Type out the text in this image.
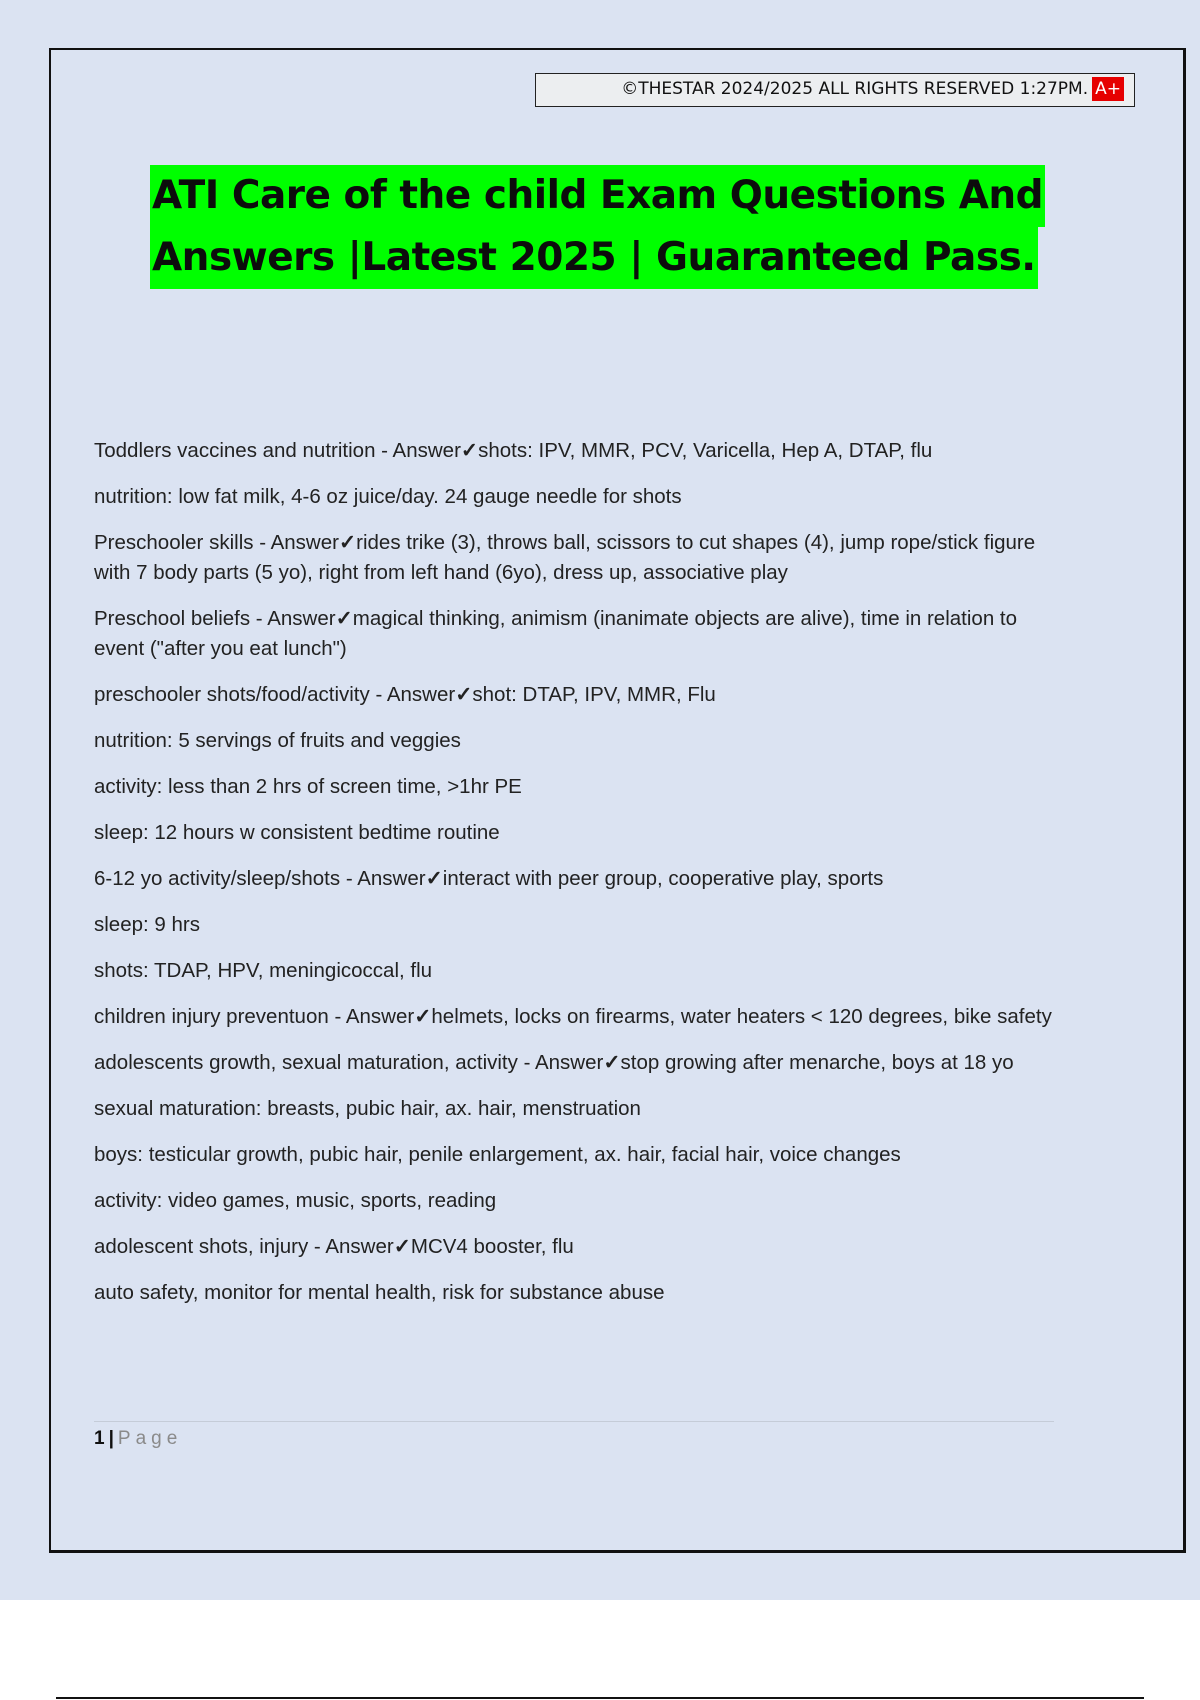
©THESTAR 2024/2025 ALL RIGHTS RESERVED 1:27PM. A+
ATI Care of the child Exam Questions And
Answers |Latest 2025 | Guaranteed Pass.
Toddlers vaccines and nutrition - Answer✓shots: IPV, MMR, PCV, Varicella, Hep A, DTAP, flu
nutrition: low fat milk, 4-6 oz juice/day. 24 gauge needle for shots
Preschooler skills - Answer✓rides trike (3), throws ball, scissors to cut shapes (4), jump rope/stick figure with 7 body parts (5 yo), right from left hand (6yo), dress up, associative play
Preschool beliefs - Answer✓magical thinking, animism (inanimate objects are alive), time in relation to event ("after you eat lunch")
preschooler shots/food/activity - Answer✓shot: DTAP, IPV, MMR, Flu
nutrition: 5 servings of fruits and veggies
activity: less than 2 hrs of screen time, >1hr PE
sleep: 12 hours w consistent bedtime routine
6-12 yo activity/sleep/shots - Answer✓interact with peer group, cooperative play, sports
sleep: 9 hrs
shots: TDAP, HPV, meningicoccal, flu
children injury preventuon - Answer✓helmets, locks on firearms, water heaters < 120 degrees, bike safety
adolescents growth, sexual maturation, activity - Answer✓stop growing after menarche, boys at 18 yo
sexual maturation: breasts, pubic hair, ax. hair, menstruation
boys: testicular growth, pubic hair, penile enlargement, ax. hair, facial hair, voice changes
activity: video games, music, sports, reading
adolescent shots, injury - Answer✓MCV4 booster, flu
auto safety, monitor for mental health, risk for substance abuse
1 | Page
